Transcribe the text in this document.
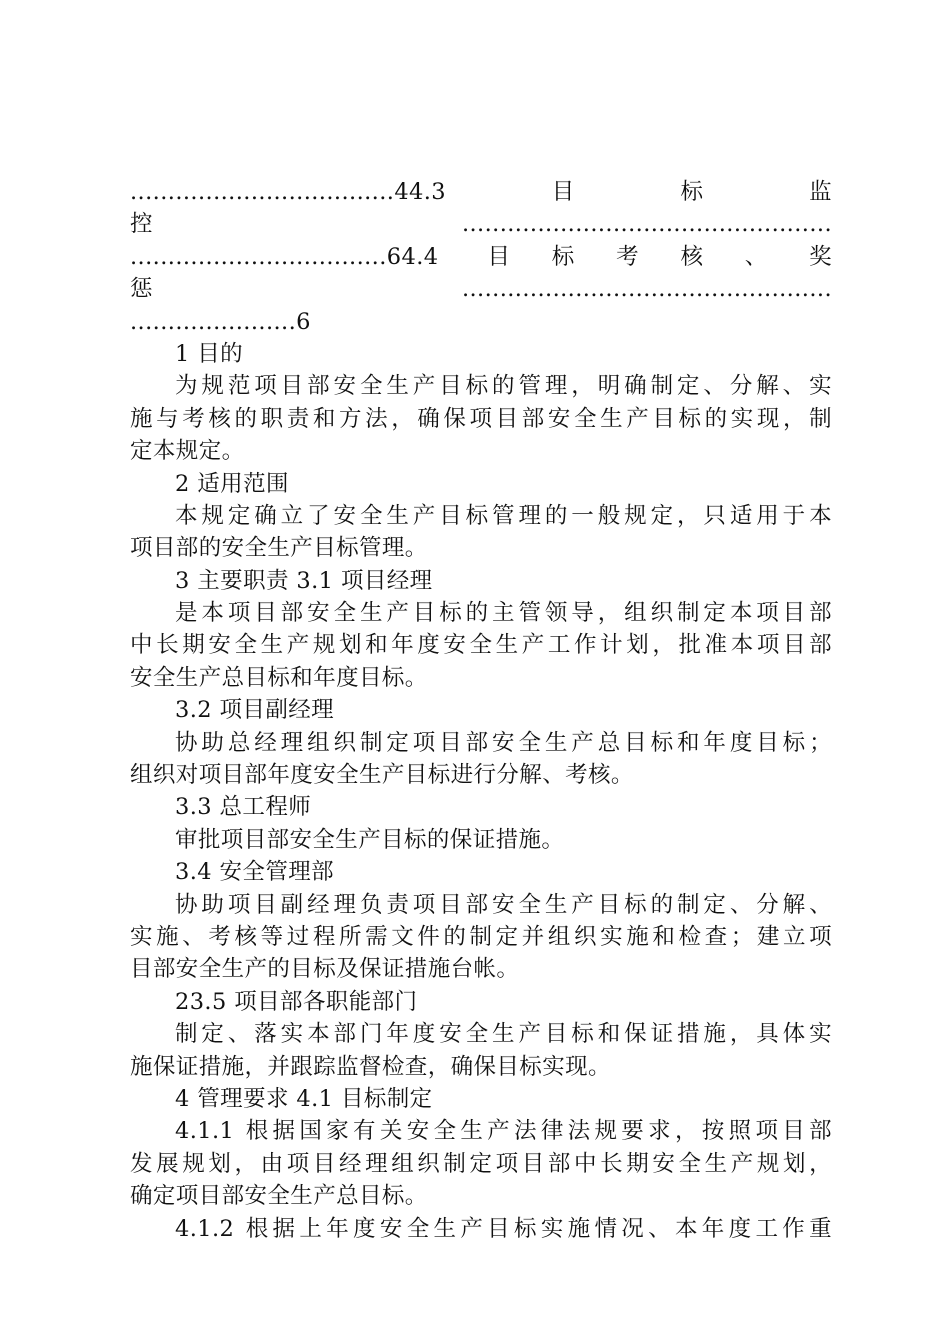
...................................44.3　目　标　监
控.................................................
..................................64.4 目标考核、奖
惩.................................................
......................6
1 目的
为规范项目部安全生产目标的管理，明确制定、分解、实
施与考核的职责和方法，确保项目部安全生产目标的实现，制
定本规定。
2 适用范围
本规定确立了安全生产目标管理的一般规定，只适用于本
项目部的安全生产目标管理。
3 主要职责 3.1 项目经理
是本项目部安全生产目标的主管领导，组织制定本项目部
中长期安全生产规划和年度安全生产工作计划，批准本项目部
安全生产总目标和年度目标。
3.2 项目副经理
协助总经理组织制定项目部安全生产总目标和年度目标；
组织对项目部年度安全生产目标进行分解、考核。
3.3 总工程师
审批项目部安全生产目标的保证措施。
3.4 安全管理部
协助项目副经理负责项目部安全生产目标的制定、分解、
实施、考核等过程所需文件的制定并组织实施和检查；建立项
目部安全生产的目标及保证措施台帐。
23.5 项目部各职能部门
制定、落实本部门年度安全生产目标和保证措施，具体实
施保证措施，并跟踪监督检查，确保目标实现。
4 管理要求 4.1 目标制定
4.1.1 根据国家有关安全生产法律法规要求，按照项目部
发展规划，由项目经理组织制定项目部中长期安全生产规划，
确定项目部安全生产总目标。
4.1.2 根据上年度安全生产目标实施情况、本年度工作重
